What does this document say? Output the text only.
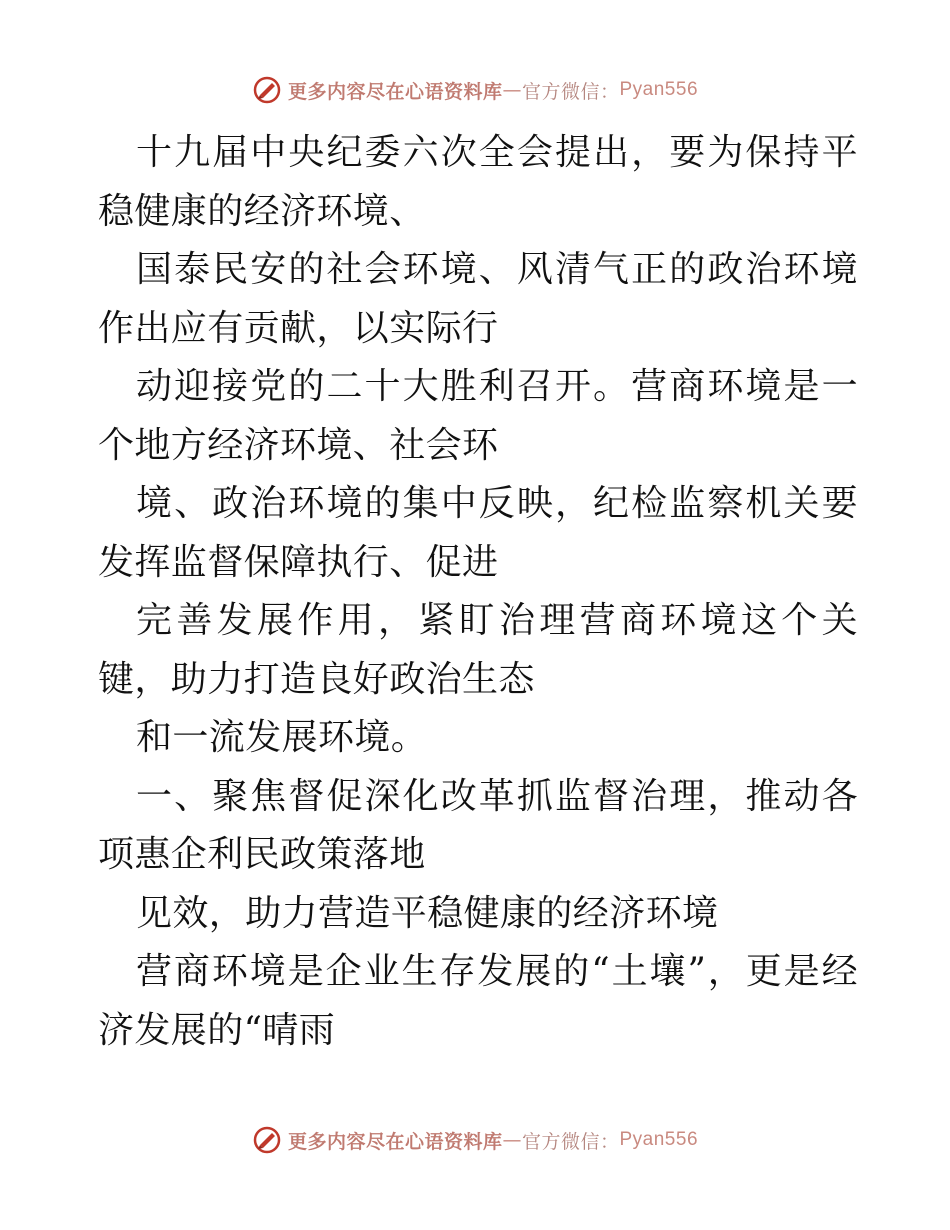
更多内容尽在心语资料库 — 官方微信： Pyan556

十九届中央纪委六次全会提出，要为保持平稳健康的经济环境、

国泰民安的社会环境、风清气正的政治环境作出应有贡献，以实际行

动迎接党的二十大胜利召开。营商环境是一个地方经济环境、社会环

境、政治环境的集中反映，纪检监察机关要发挥监督保障执行、促进

完善发展作用，紧盯治理营商环境这个关键，助力打造良好政治生态

和一流发展环境。

一、聚焦督促深化改革抓监督治理，推动各项惠企利民政策落地

见效，助力营造平稳健康的经济环境

营商环境是企业生存发展的“土壤”，更是经济发展的“晴雨

更多内容尽在心语资料库 — 官方微信： Pyan556
